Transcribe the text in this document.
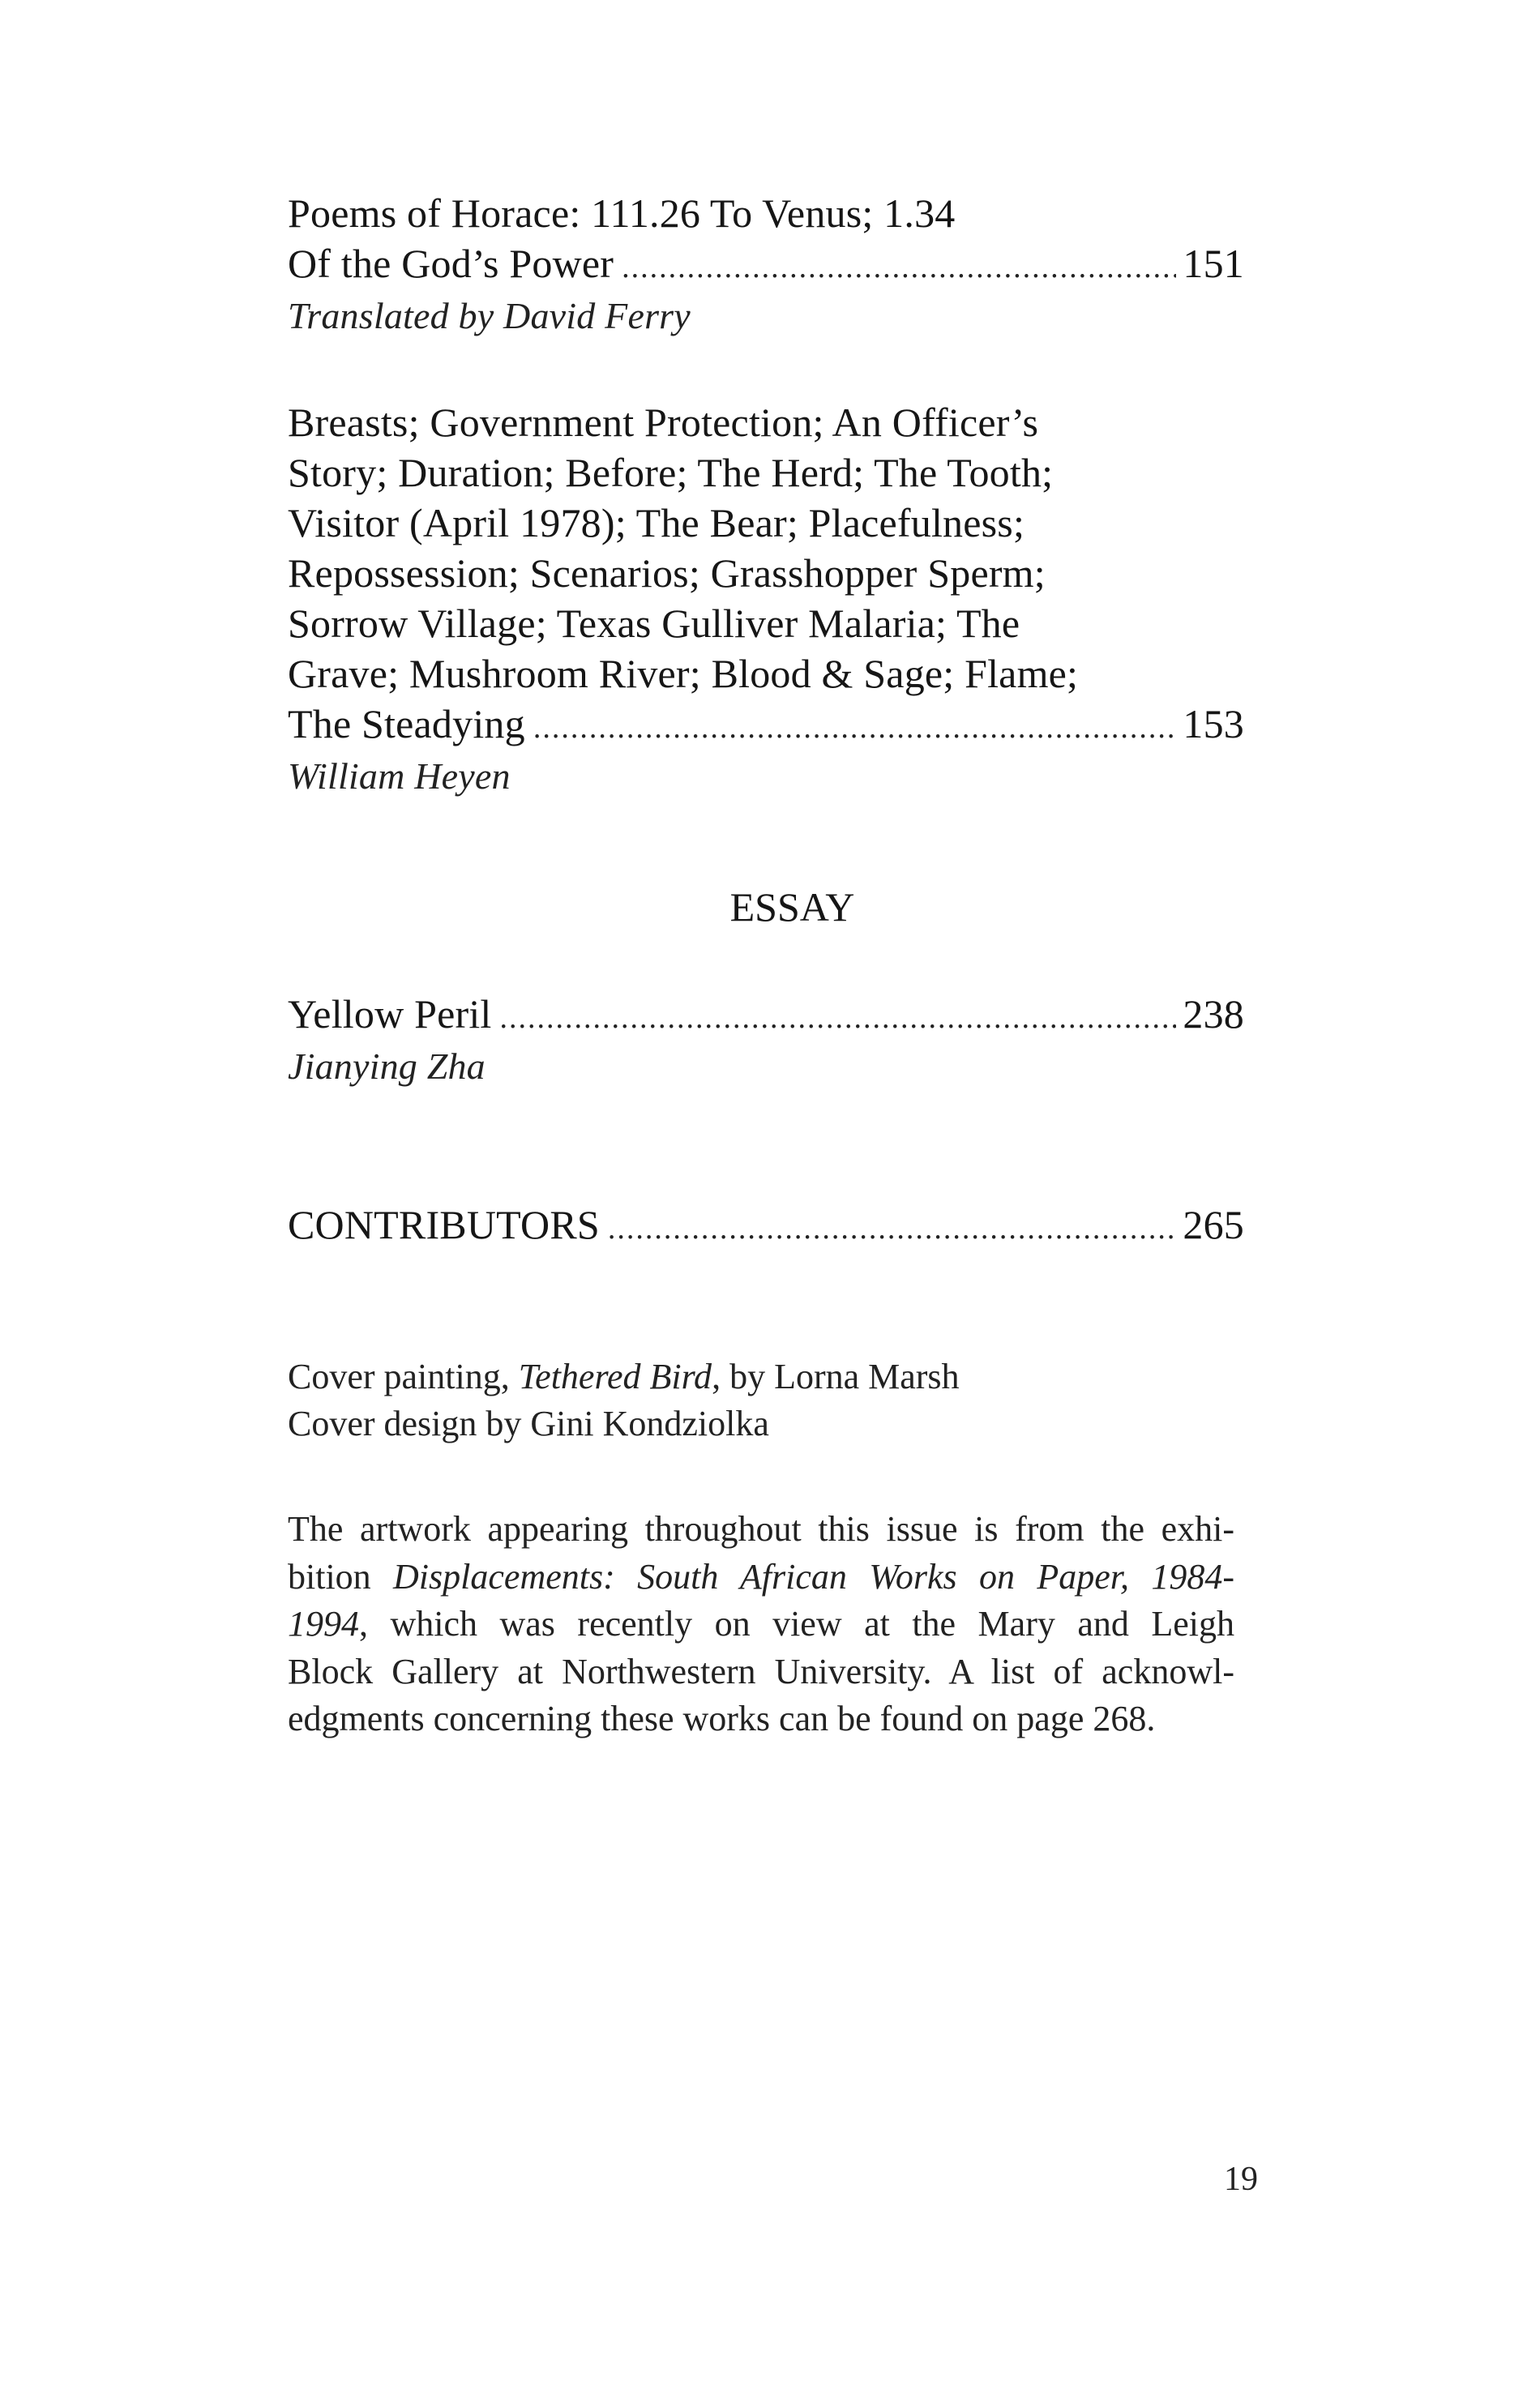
Poems of Horace: 111.26 To Venus; 1.34
Of the God’s Power .....	151
Translated by David Ferry
Breasts; Government Protection; An Officer’s
Story; Duration; Before; The Herd; The Tooth;
Visitor (April 1978); The Bear; Placefulness;
Repossession; Scenarios; Grasshopper Sperm;
Sorrow Village; Texas Gulliver Malaria; The
Grave; Mushroom River; Blood & Sage; Flame;
The Steadying .....	153
William Heyen
ESSAY
Yellow Peril .....	238
Jianying Zha
CONTRIBUTORS .....	265
Cover painting, Tethered Bird, by Lorna Marsh
Cover design by Gini Kondziolka
The artwork appearing throughout this issue is from the exhi-
bition Displacements: South African Works on Paper, 1984-
1994, which was recently on view at the Mary and Leigh
Block Gallery at Northwestern University. A list of acknowl-
edgments concerning these works can be found on page 268.
19
